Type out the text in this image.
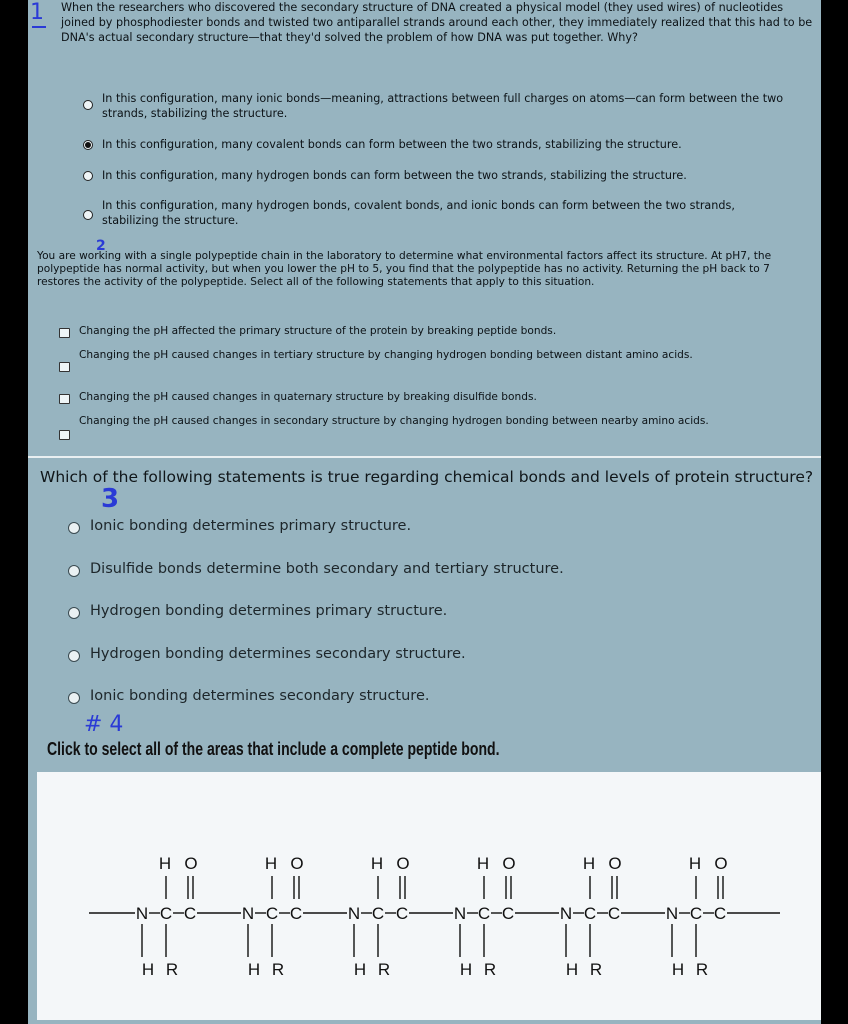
1 When the researchers who discovered the secondary structure of DNA created a physical model (they used wires) of nucleotides joined by phosphodiester bonds and twisted two antiparallel strands around each other, they immediately realized that this had to be DNA's actual secondary structure—that they'd solved the problem of how DNA was put together. Why?
In this configuration, many ionic bonds—meaning, attractions between full charges on atoms—can form between the two strands, stabilizing the structure.
In this configuration, many covalent bonds can form between the two strands, stabilizing the structure.
In this configuration, many hydrogen bonds can form between the two strands, stabilizing the structure.
In this configuration, many hydrogen bonds, covalent bonds, and ionic bonds can form between the two strands, stabilizing the structure.
2
You are working with a single polypeptide chain in the laboratory to determine what environmental factors affect its structure. At pH7, the polypeptide has normal activity, but when you lower the pH to 5, you find that the polypeptide has no activity. Returning the pH back to 7 restores the activity of the polypeptide. Select all of the following statements that apply to this situation.
Changing the pH affected the primary structure of the protein by breaking peptide bonds.
Changing the pH caused changes in tertiary structure by changing hydrogen bonding between distant amino acids.
Changing the pH caused changes in quaternary structure by breaking disulfide bonds.
Changing the pH caused changes in secondary structure by changing hydrogen bonding between nearby amino acids.
Which of the following statements is true regarding chemical bonds and levels of protein structure?
3
Ionic bonding determines primary structure.
Disulfide bonds determine both secondary and tertiary structure.
Hydrogen bonding determines primary structure.
Hydrogen bonding determines secondary structure.
Ionic bonding determines secondary structure.
# 4
Click to select all of the areas that include a complete peptide bond.
N C C
H O
H R
N C C
H O
H R
N C C
H O
H R
N C C
H O
H R
N C C
H O
H R
N C C
H O
H R
